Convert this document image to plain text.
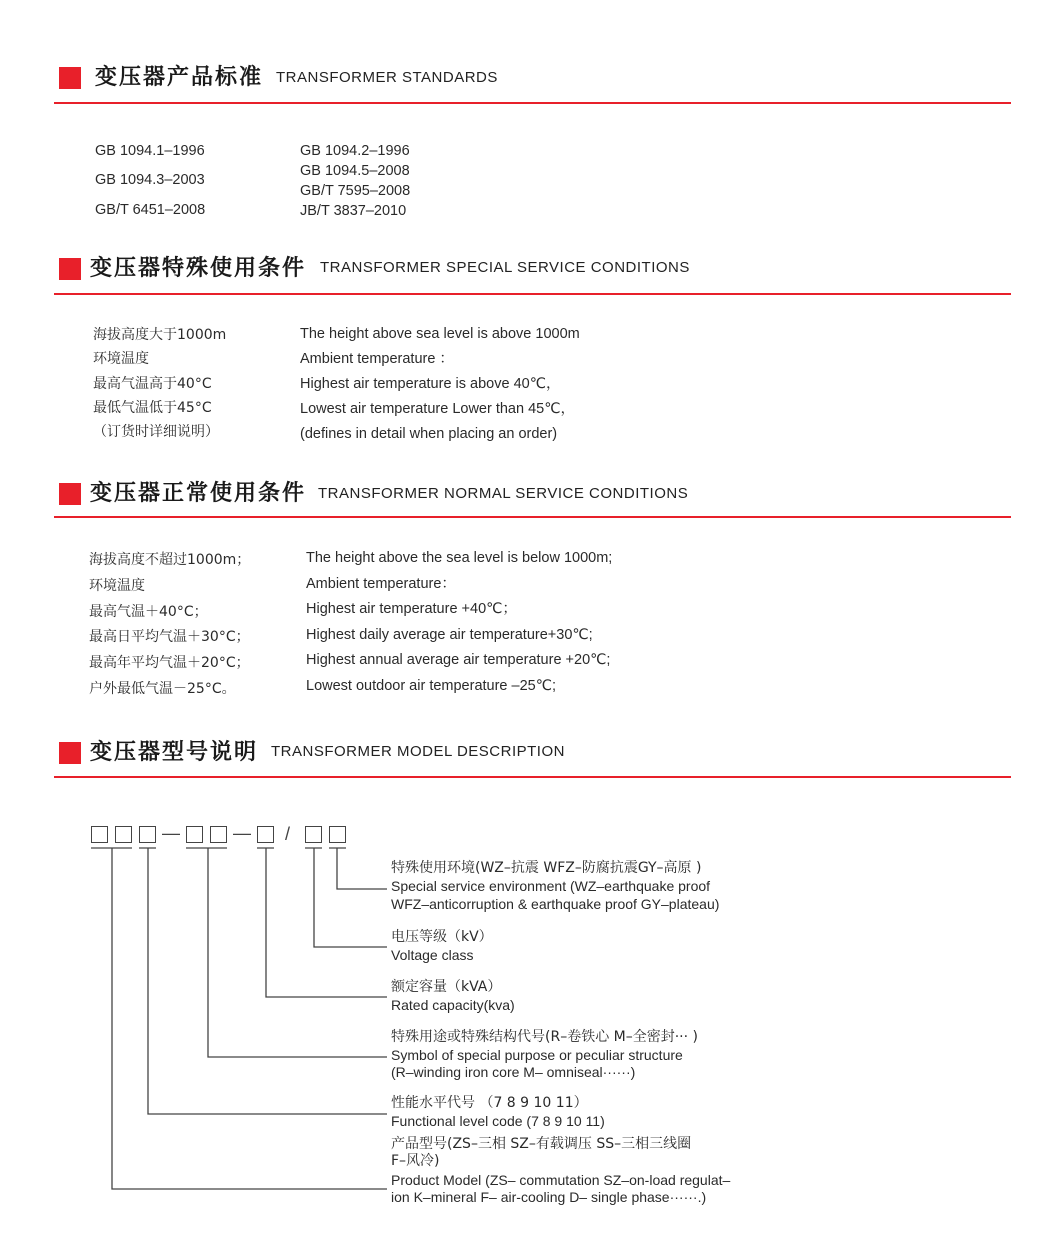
变压器产品标准 TRANSFORMER STANDARDS
GB 1094.1–1996
GB 1094.3–2003
GB/T 6451–2008
GB 1094.2–1996
GB 1094.5–2008
GB/T 7595–2008
JB/T 3837–2010
变压器特殊使用条件 TRANSFORMER SPECIAL SERVICE CONDITIONS
海拔高度大于1000m
环境温度
最高气温高于40°C
最低气温低于45°C
（订货时详细说明）
The height above sea level is above 1000m
Ambient temperature ：
Highest air temperature is above 40℃，
Lowest air temperature Lower than 45℃，
(defines in detail when placing an order)
变压器正常使用条件 TRANSFORMER NORMAL SERVICE CONDITIONS
海拔高度不超过1000m；
环境温度
最高气温＋40°C；
最高日平均气温＋30°C；
最高年平均气温＋20°C；
户外最低气温－25°C。
The height above the sea level is below 1000m;
Ambient temperature：
Highest air temperature +40℃；
Highest daily average air temperature+30℃;
Highest annual average air temperature +20℃;
Lowest outdoor air temperature –25℃;
变压器型号说明 TRANSFORMER MODEL DESCRIPTION
—	— /
特殊使用环境(WZ–抗震 WFZ–防腐抗震GY–高原 )
Special service environment (WZ–earthquake proof
WFZ–anticorruption & earthquake proof GY–plateau)
电压等级（kV）
Voltage class
额定容量（kVA）
Rated capacity(kva)
特殊用途或特殊结构代号(R–卷铁心 M–全密封··· )
Symbol of special purpose or peculiar structure
(R–winding iron core M– omniseal······)
性能水平代号 （7 8 9 10 11）
Functional level code (7 8 9 10 11)
产品型号(ZS–三相 SZ–有载调压 SS–三相三线圈
F–风冷)
Product Model (ZS– commutation SZ–on-load regulat–
ion K–mineral F– air-cooling D– single phase······.)
